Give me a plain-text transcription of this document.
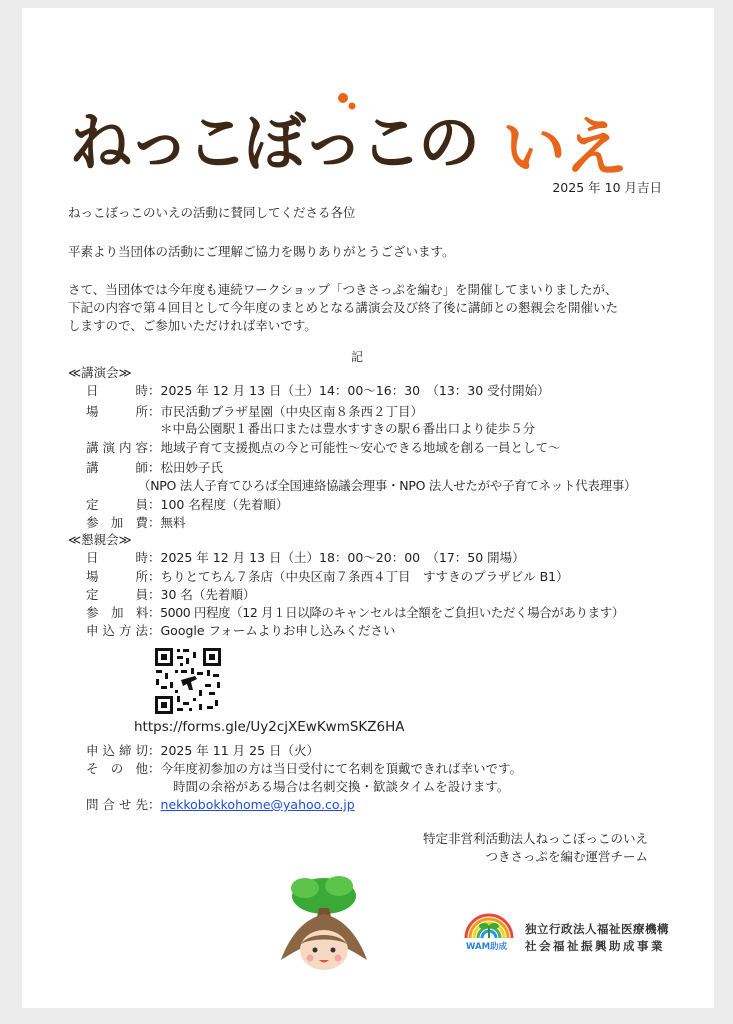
ねっこぼっこの いえ
2025 年 10 月吉日
ねっこぼっこのいえの活動に賛同してくださる各位
平素より当団体の活動にご理解ご協力を賜りありがとうございます。
さて、当団体では今年度も連続ワークショップ「つきさっぷを編む」を開催してまいりましたが、
下記の内容で第４回目として今年度のまとめとなる講演会及び終了後に講師との懇親会を開催いた
しますので、ご参加いただければ幸いです。
記
≪講演会≫
日時：2025 年 12 月 13 日（土）14：00〜16：30　（13：30 受付開始）
場所：市民活動プラザ星園（中央区南８条西２丁目）
＊中島公園駅１番出口または豊水すすきの駅６番出口より徒歩５分
講演内容：地域子育て支援拠点の今と可能性〜安心できる地域を創る一員として〜
講師：松田妙子氏
（NPO 法人子育てひろば全国連絡協議会理事・NPO 法人せたがや子育てネット代表理事）
定員：100 名程度（先着順）
参加費：無料
≪懇親会≫
日時：2025 年 12 月 13 日（土）18：00〜20：00　（17：50 開場）
場所：ちりとてちん７条店（中央区南７条西４丁目　すすきのプラザビル B1）
定員：30 名（先着順）
参加料：5000 円程度（12 月１日以降のキャンセルは全額をご負担いただく場合があります）
申込方法：Google フォームよりお申し込みください
https://forms.gle/Uy2cjXEwKwmSKZ6HA
申込締切：2025 年 11 月 25 日（火）
その他：今年度初参加の方は当日受付にて名刺を頂戴できれば幸いです。
時間の余裕がある場合は名刺交換・歓談タイムを設けます。
問合せ先：nekkobokkohome@yahoo.co.jp
特定非営利活動法人ねっこぼっこのいえ
つきさっぷを編む運営チーム
WAM助成
独立行政法人福祉医療機構
社会福祉振興助成事業
